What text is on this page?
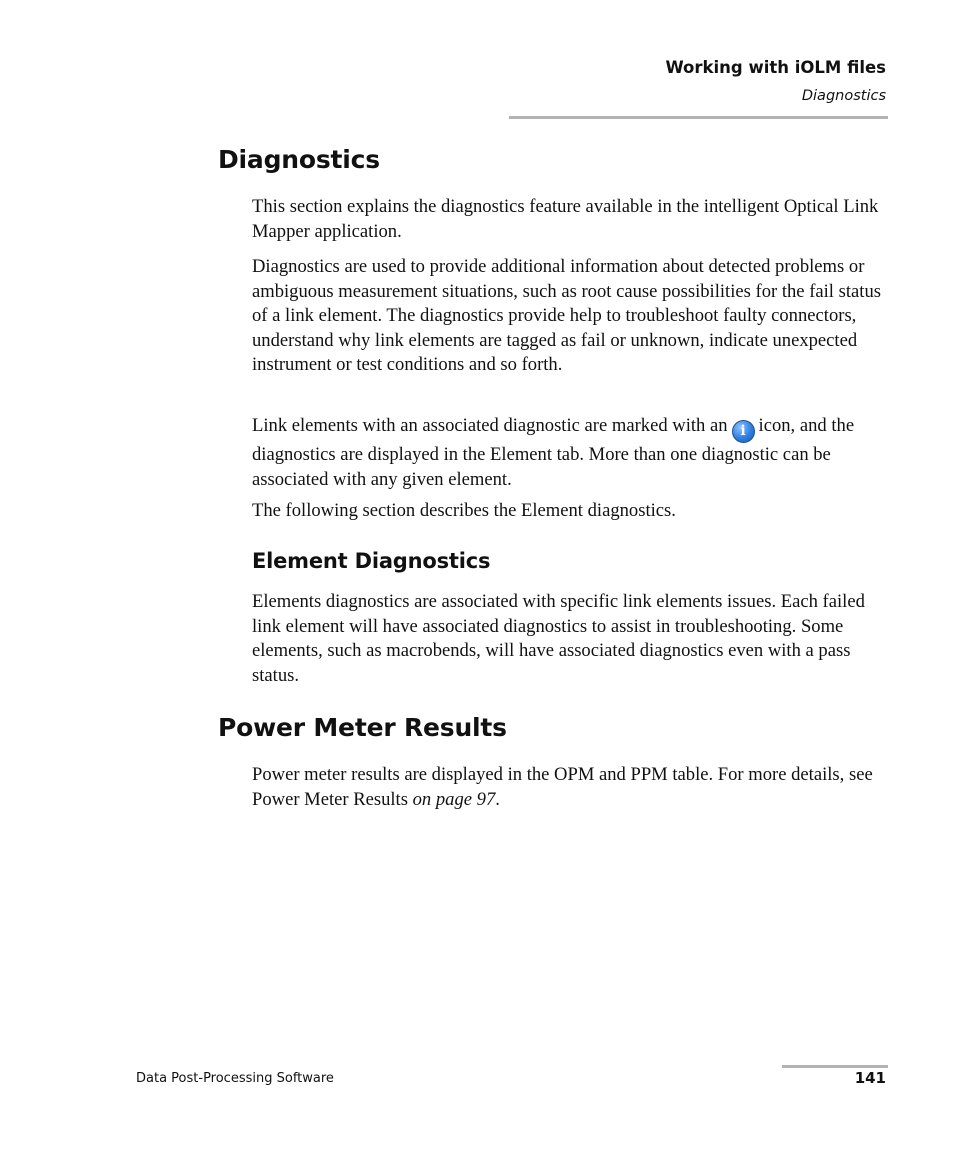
Working with iOLM files
Diagnostics
Diagnostics

This section explains the diagnostics feature available in the intelligent Optical Link Mapper application.

Diagnostics are used to provide additional information about detected problems or ambiguous measurement situations, such as root cause possibilities for the fail status of a link element. The diagnostics provide help to troubleshoot faulty connectors, understand why link elements are tagged as fail or unknown, indicate unexpected instrument or test conditions and so forth.

Link elements with an associated diagnostic are marked with an i icon, and the diagnostics are displayed in the Element tab. More than one diagnostic can be associated with any given element.

The following section describes the Element diagnostics.

Element Diagnostics

Elements diagnostics are associated with specific link elements issues. Each failed link element will have associated diagnostics to assist in troubleshooting. Some elements, such as macrobends, will have associated diagnostics even with a pass status.

Power Meter Results

Power meter results are displayed in the OPM and PPM table. For more details, see Power Meter Results on page 97.

Data Post-Processing Software	141
